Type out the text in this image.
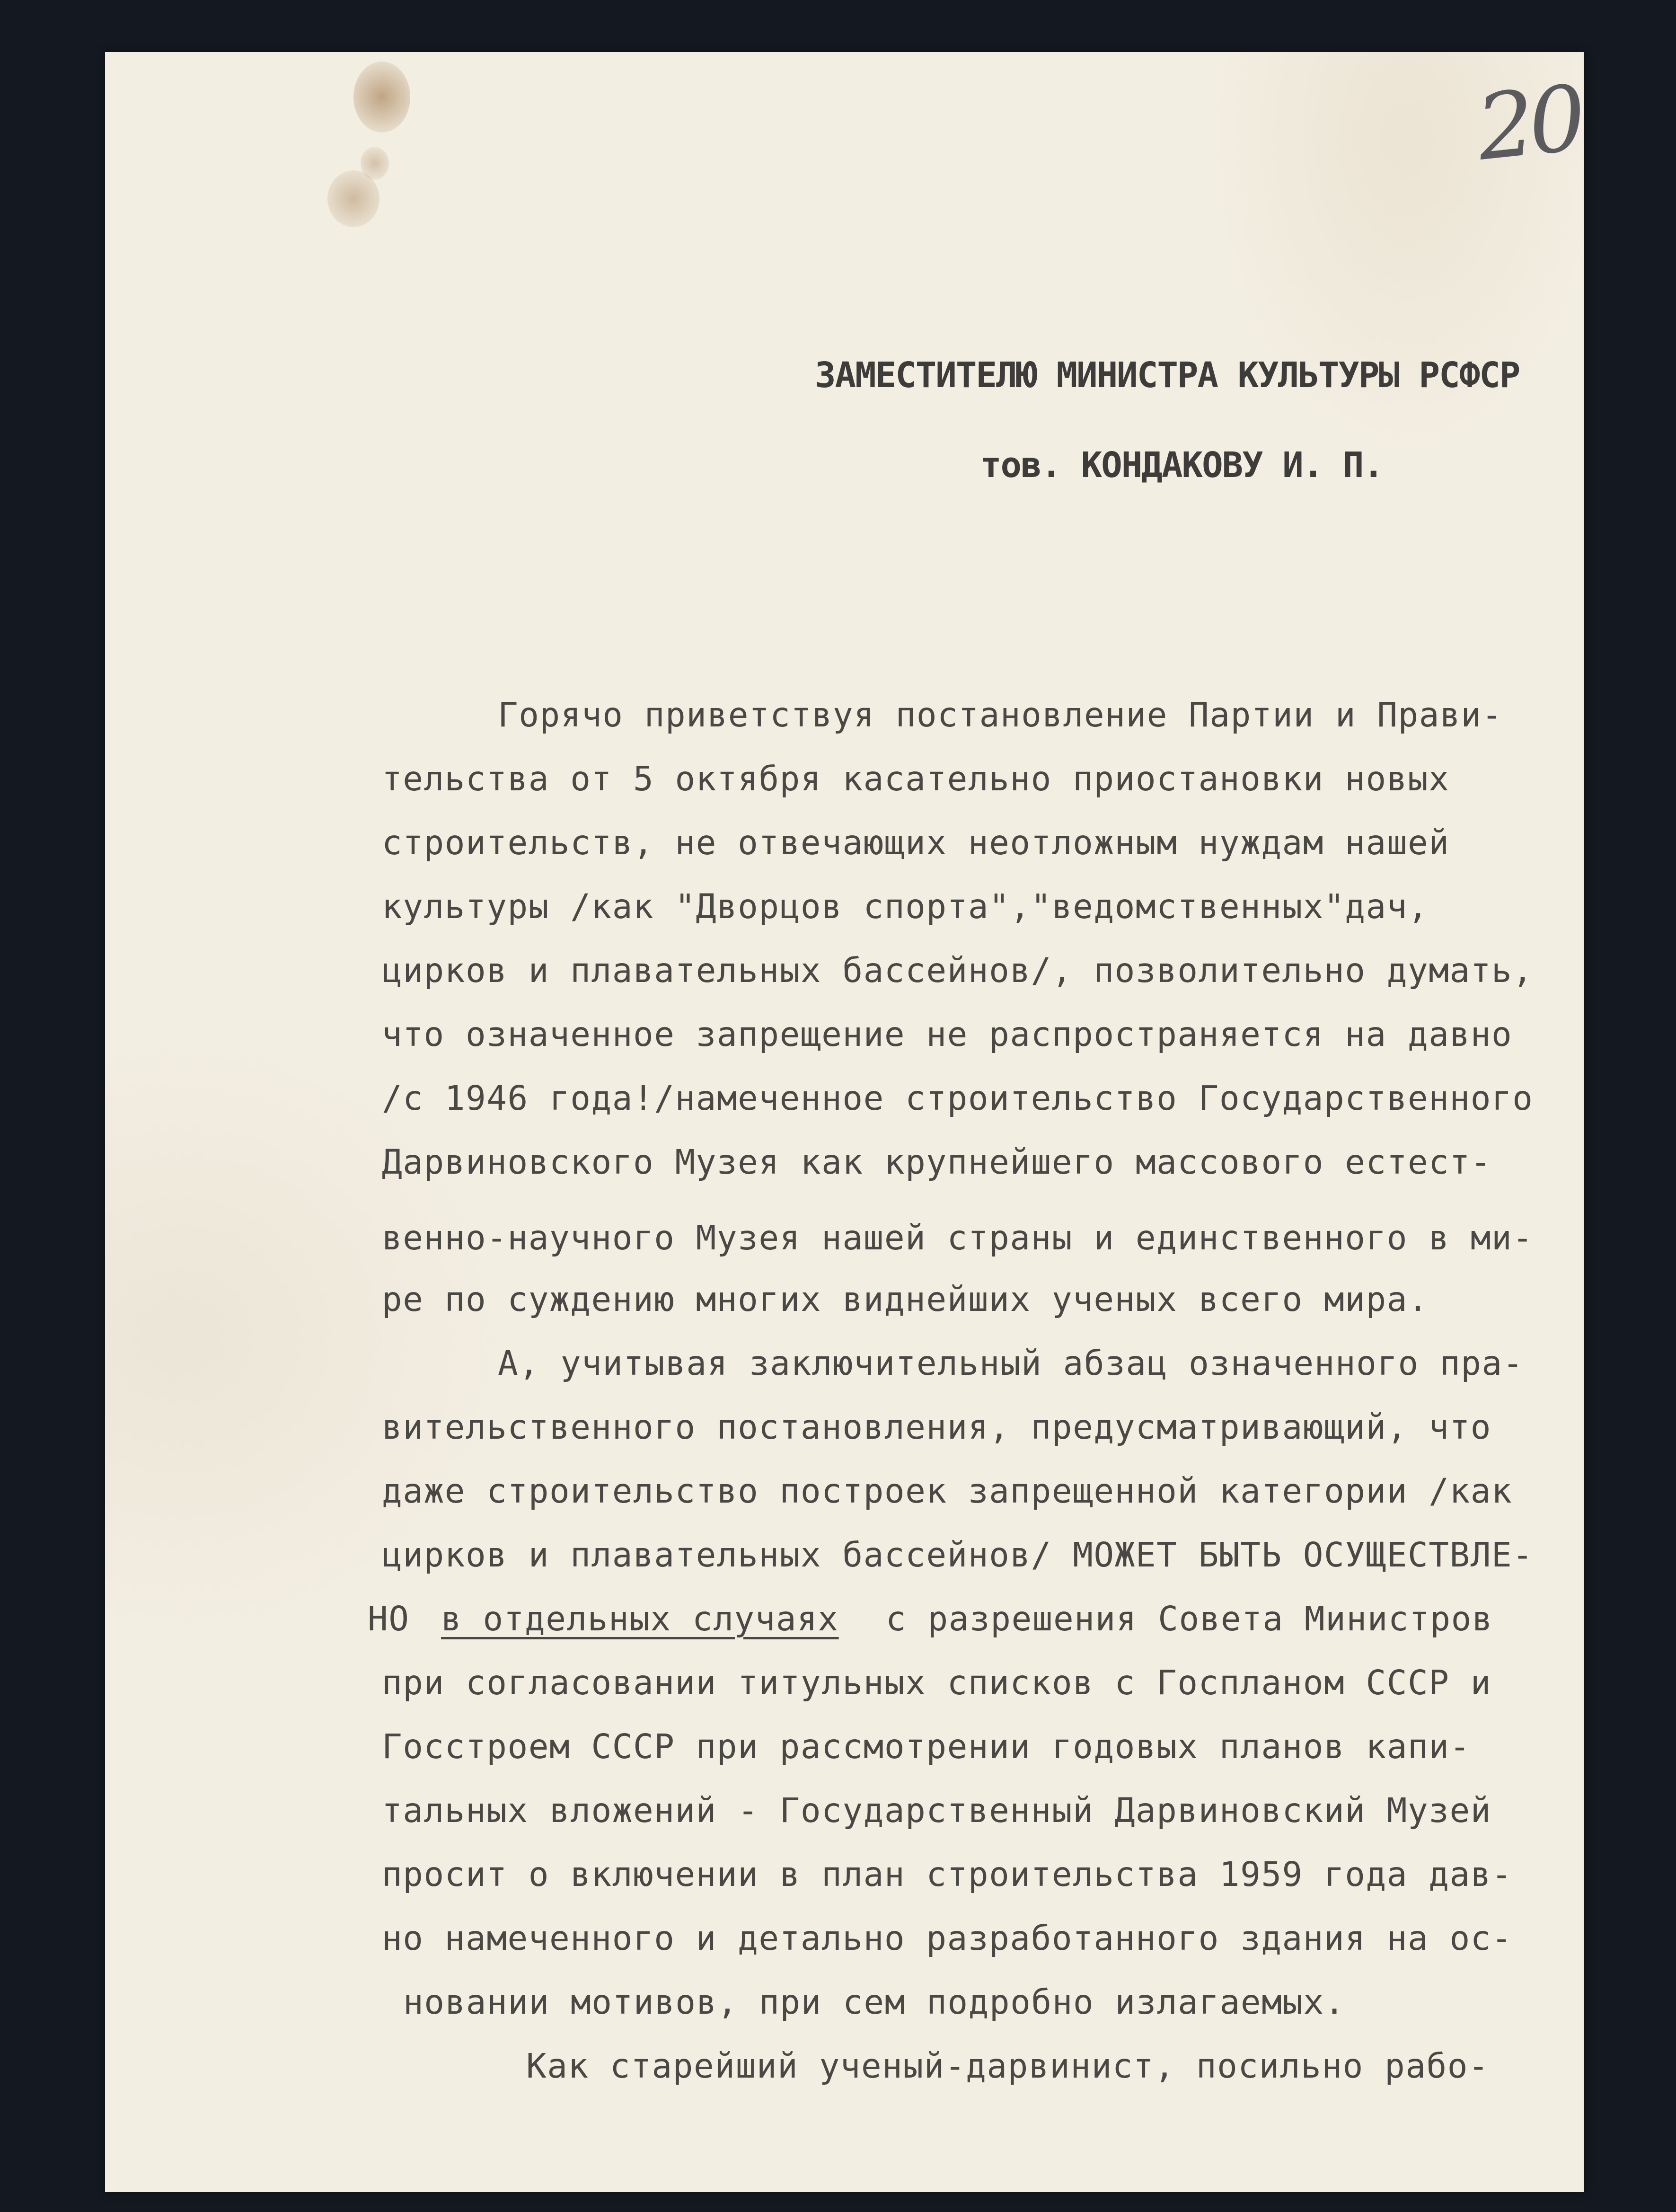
20
ЗАМЕСТИТЕЛЮ МИНИСТРА КУЛЬТУРЫ РСФСР
тов. КОНДАКОВУ И. П.
Горячо приветствуя постановление Партии и Прави-
тельства от 5 октября касательно приостановки новых
строительств, не отвечающих неотложным нуждам нашей
культуры /как "Дворцов спорта","ведомственных"дач,
цирков и плавательных бассейнов/, позволительно думать,
что означенное запрещение не распространяется на давно
/с 1946 года!/намеченное строительство Государственного
Дарвиновского Музея как крупнейшего массового естест-
венно-научного Музея нашей страны и единственного в ми-
ре по суждению многих виднейших ученых всего мира.
А, учитывая заключительный абзац означенного пра-
вительственного постановления, предусматривающий, что
даже строительство построек запрещенной категории /как
цирков и плавательных бассейнов/ МОЖЕТ БЫТЬ ОСУЩЕСТВЛЕ-
НО в отдельных случаях с разрешения Совета Министров
при согласовании титульных списков с Госпланом СССР и
Госстроем СССР при рассмотрении годовых планов капи-
тальных вложений - Государственный Дарвиновский Музей
просит о включении в план строительства 1959 года дав-
но намеченного и детально разработанного здания на ос-
новании мотивов, при сем подробно излагаемых.
Как старейший ученый-дарвинист, посильно рабо-
